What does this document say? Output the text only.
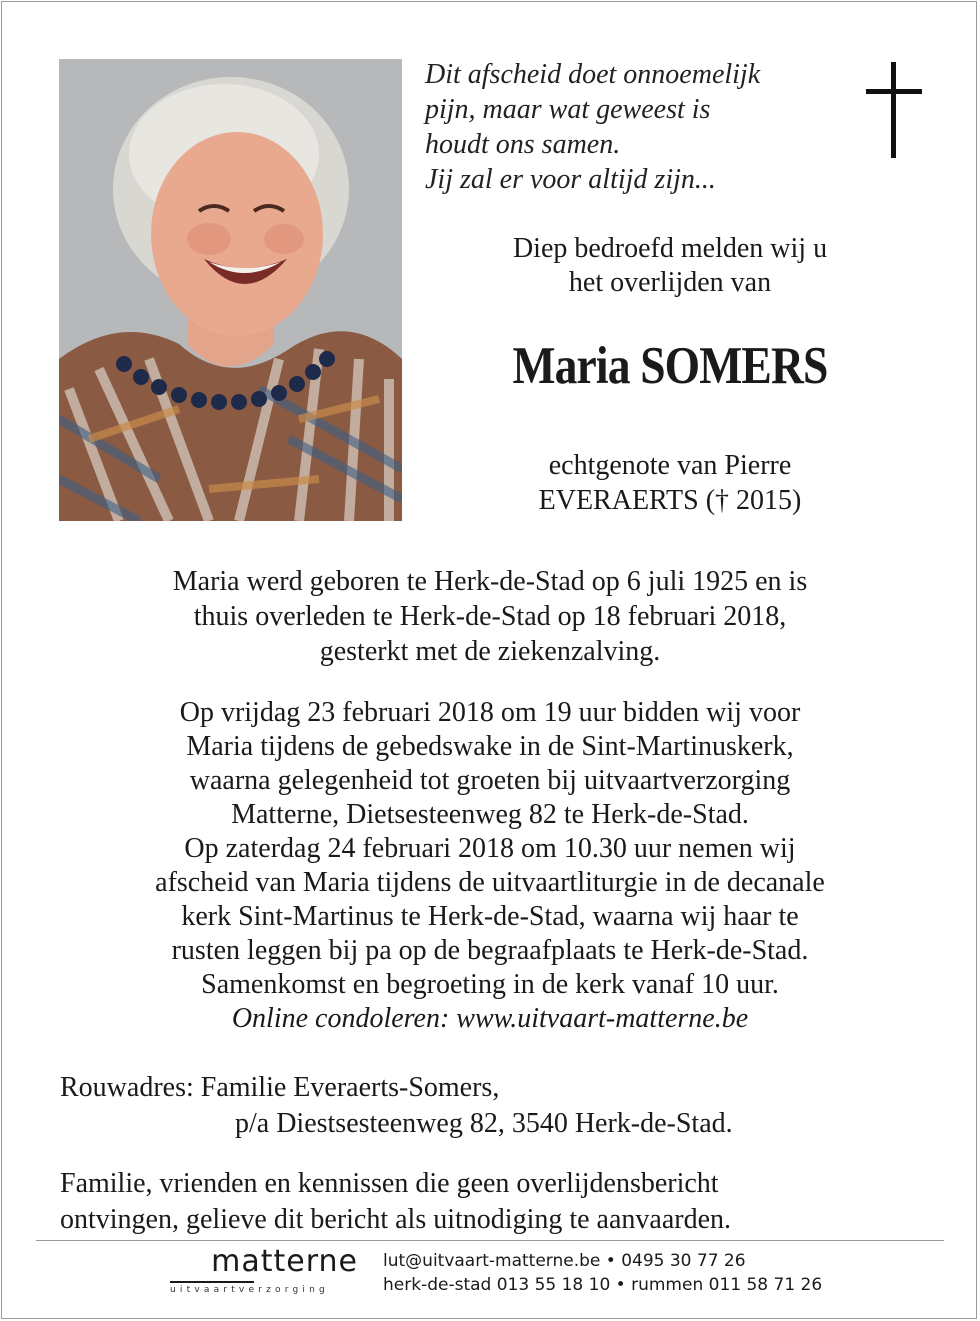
Dit afscheid doet onnoemelijk
pijn, maar wat geweest is
houdt ons samen.
Jij zal er voor altijd zijn...
Diep bedroefd melden wij u
het overlijden van
Maria SOMERS
echtgenote van Pierre
EVERAERTS († 2015)
Maria werd geboren te Herk-de-Stad op 6 juli 1925 en is
thuis overleden te Herk-de-Stad op 18 februari 2018,
gesterkt met de ziekenzalving.
Op vrijdag 23 februari 2018 om 19 uur bidden wij voor
Maria tijdens de gebedswake in de Sint-Martinuskerk,
waarna gelegenheid tot groeten bij uitvaartverzorging
Matterne, Dietsesteenweg 82 te Herk-de-Stad.
Op zaterdag 24 februari 2018 om 10.30 uur nemen wij
afscheid van Maria tijdens de uitvaartliturgie in de decanale
kerk Sint-Martinus te Herk-de-Stad, waarna wij haar te
rusten leggen bij pa op de begraafplaats te Herk-de-Stad.
Samenkomst en begroeting in de kerk vanaf 10 uur.
Online condoleren: www.uitvaart-matterne.be
Rouwadres: Familie Everaerts-Somers,
p/a Diestsesteenweg 82, 3540 Herk-de-Stad.
Familie, vrienden en kennissen die geen overlijdensbericht
ontvingen, gelieve dit bericht als uitnodiging te aanvaarden.
matterne
uitvaartverzorging
lut@uitvaart-matterne.be • 0495 30 77 26
herk-de-stad 013 55 18 10 • rummen 011 58 71 26
